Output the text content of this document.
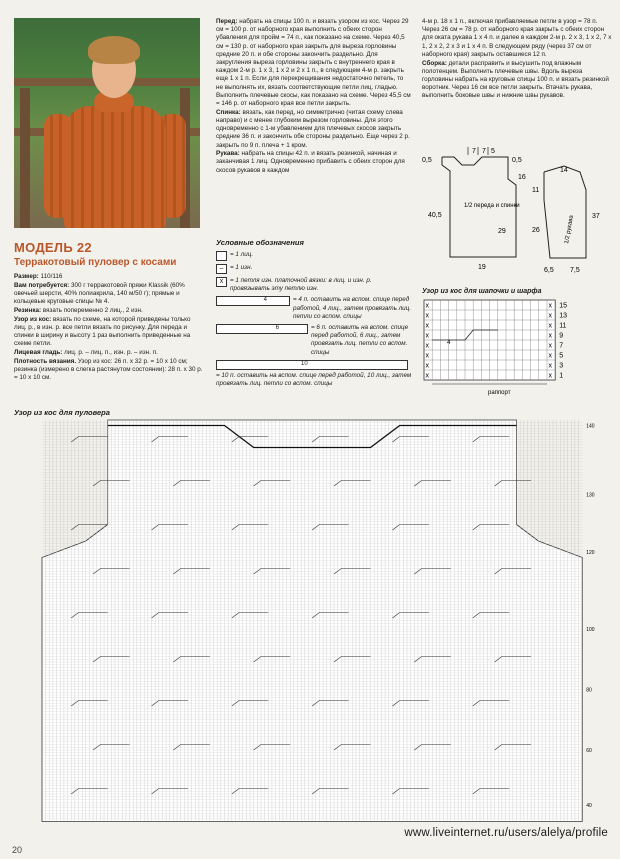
МОДЕЛЬ 22
Терракотовый пуловер с косами

Размер: 110/116

Вам потребуется: 300 г терракотовой пряжи Klassik (60% овечьей шерсти, 40% полиакрила, 140 м/50 г); прямые и кольцевые круговые спицы № 4.

Резинка: вязать попеременно 2 лиц., 2 изн.

Узор из кос: вязать по схеме, на которой приведены только лиц. р., в изн. р. все петли вязать по рисунку. Для переда и спинки в ширину и высоту 1 раз выполнить приведенные на схеме петли.

Лицевая гладь: лиц. р. – лиц. п., изн. р. – изн. п.

Плотность вязания. Узор из кос: 26 п. х 32 р. = 10 х 10 см; резинка (измерено в слегка растянутом состоянии): 28 п. х 30 р. = 10 х 10 см.

Перед: набрать на спицы 100 п. и вязать узором из кос. Через 29 см = 100 р. от наборного края выполнить с обеих сторон убавления для пройм = 74 п., как показано на схеме. Через 40,5 см = 130 р. от наборного края закрыть для выреза горловины средние 20 п. и обе стороны закончить раздельно. Для закругления выреза горловины закрыть с внутреннего края в каждом 2-м р. 1 х 3, 1 х 2 и 2 х 1 п., в следующем 4-м р. закрыть еще 1 х 1 п. Если для перекрещивания недостаточно петель, то не выполнять их, вязать соответствующие петли лиц. гладью. Выполнить плечевые скосы, как показано на схеме. Через 45,5 см = 146 р. от наборного края все петли закрыть.

Спинка: вязать, как перед, но симметрично (читая схему слева направо) и с менее глубоким вырезом горловины. Для этого одновременно с 1-м убавлением для плечевых скосов закрыть средние 36 п. и закончить обе стороны раздельно. Еще через 2 р. закрыть по 9 п. плеча + 1 кром.

Рукава: набрать на спицы 42 п. и вязать резинкой, начиная и заканчивая 1 лиц. Одновременно прибавить с обеих сторон для скосов рукавов в каждом

4-м р. 18 х 1 п., включая прибавляемые петли в узор = 78 п. Через 26 см = 78 р. от наборного края закрыть с обеих сторон для оката рукава 1 х 4 п. и далее в каждом 2-м р. 2 х 3, 1 х 2, 7 х 1, 2 х 2, 2 х 3 и 1 х 4 п. В следующем ряду (через 37 см от наборного края) закрыть оставшиеся 12 п.

Сборка: детали расправить и высушить под влажным полотенцем. Выполнить плечевые швы. Вдоль выреза горловины набрать на круговые спицы 100 п. и вязать резинкой воротник. Через 16 см все петли закрыть. Втачать рукава, выполнить боковые швы и нижние швы рукавов.

Условные обозначения
= 1 лиц.
–	= 1 изн.
x	= 1 петля изн. платочной вязки: в лиц. и изн. р. провязывать эту петлю изн.
4	= 4 п. оставить на вспом. спице перед работой, 4 лиц., затем провязать лиц. петли со вспом. спицы
6	= 6 п. оставить на вспом. спице перед работой, 6 лиц., затем провязать лиц. петли со вспом. спицы
10
= 10 п. оставить на вспом. спице перед работой, 10 лиц., затем провязать лиц. петли со вспом. спицы
7 7 5
0,5	0,5
16
40,5
29
19
1/2 переда и спинки
14
11
37
26
6,5 7,5
1/2 рукава
Узор из кос для шапочки и шарфа
x
x
x
x
x
x
x
x
x
x
x
x
x
x
x
x
15
13
11
9
7
5
3
1
раппорт
4
Узор из кос для пуловера
140
130
120
100
80
60
40
www.liveinternet.ru/users/alelya/profile
20
